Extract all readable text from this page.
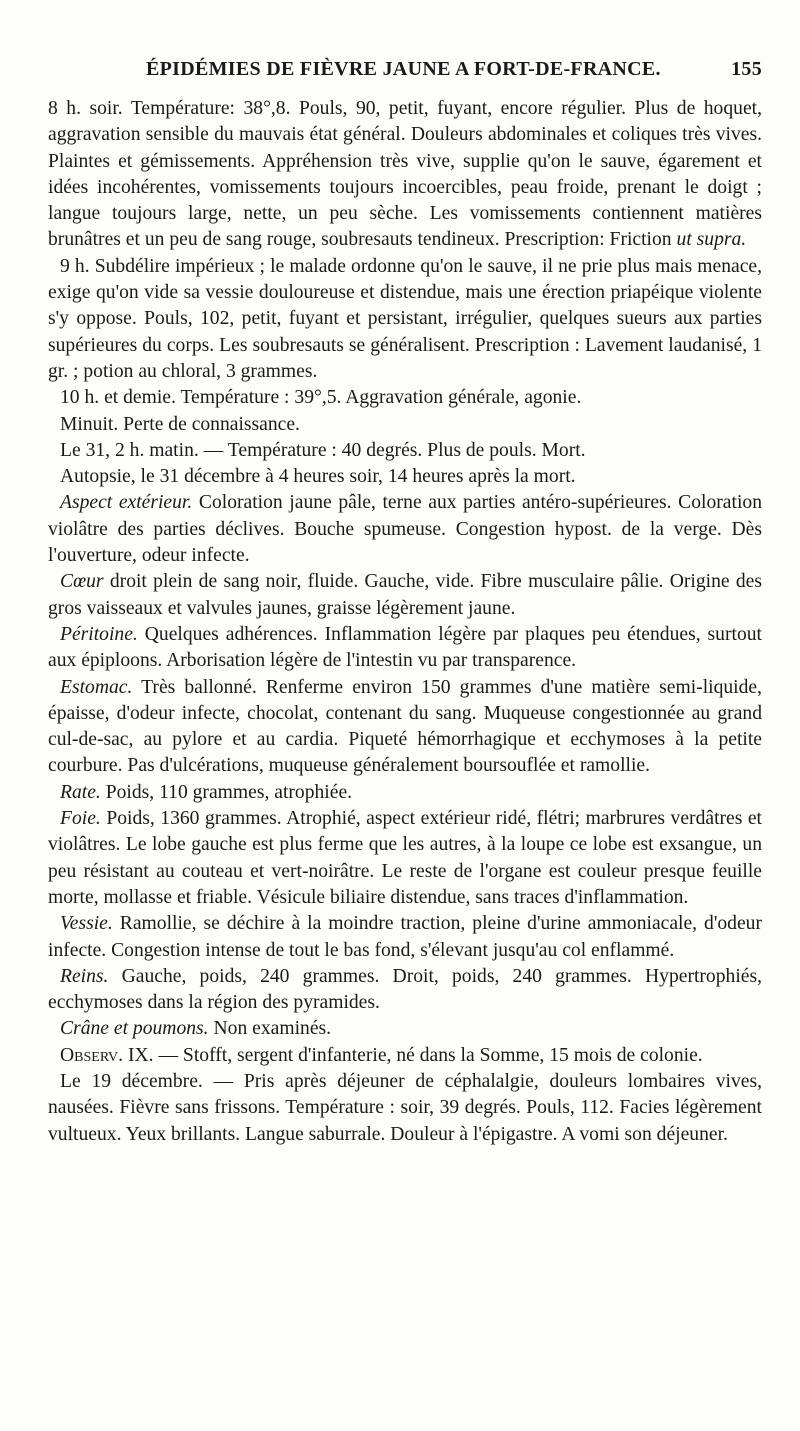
ÉPIDÉMIES DE FIÈVRE JAUNE A FORT-DE-FRANCE.	155

8 h. soir. Température: 38°,8. Pouls, 90, petit, fuyant, encore régulier. Plus de hoquet, aggravation sensible du mauvais état général. Douleurs abdominales et coliques très vives. Plaintes et gémissements. Appréhension très vive, supplie qu'on le sauve, égarement et idées incohérentes, vomissements toujours incoercibles, peau froide, prenant le doigt ; langue toujours large, nette, un peu sèche. Les vomissements contiennent matières brunâtres et un peu de sang rouge, soubresauts tendineux. Prescription: Friction ut supra.

9 h. Subdélire impérieux ; le malade ordonne qu'on le sauve, il ne prie plus mais menace, exige qu'on vide sa vessie douloureuse et distendue, mais une érection priapéique violente s'y oppose. Pouls, 102, petit, fuyant et persistant, irrégulier, quelques sueurs aux parties supérieures du corps. Les soubresauts se généralisent. Prescription : Lavement laudanisé, 1 gr. ; potion au chloral, 3 grammes.

10 h. et demie. Température : 39°,5. Aggravation générale, agonie.

Minuit. Perte de connaissance.

Le 31, 2 h. matin. — Température : 40 degrés. Plus de pouls. Mort.

Autopsie, le 31 décembre à 4 heures soir, 14 heures après la mort.

Aspect extérieur. Coloration jaune pâle, terne aux parties antéro-supérieures. Coloration violâtre des parties déclives. Bouche spumeuse. Congestion hypost. de la verge. Dès l'ouverture, odeur infecte.

Cœur droit plein de sang noir, fluide. Gauche, vide. Fibre musculaire pâlie. Origine des gros vaisseaux et valvules jaunes, graisse légèrement jaune.

Péritoine. Quelques adhérences. Inflammation légère par plaques peu étendues, surtout aux épiploons. Arborisation légère de l'intestin vu par transparence.

Estomac. Très ballonné. Renferme environ 150 grammes d'une matière semi-liquide, épaisse, d'odeur infecte, chocolat, contenant du sang. Muqueuse congestionnée au grand cul-de-sac, au pylore et au cardia. Piqueté hémorrhagique et ecchymoses à la petite courbure. Pas d'ulcérations, muqueuse généralement boursouflée et ramollie.

Rate. Poids, 110 grammes, atrophiée.

Foie. Poids, 1360 grammes. Atrophié, aspect extérieur ridé, flétri; marbrures verdâtres et violâtres. Le lobe gauche est plus ferme que les autres, à la loupe ce lobe est exsangue, un peu résistant au couteau et vert-noirâtre. Le reste de l'organe est couleur presque feuille morte, mollasse et friable. Vésicule biliaire distendue, sans traces d'inflammation.

Vessie. Ramollie, se déchire à la moindre traction, pleine d'urine ammoniacale, d'odeur infecte. Congestion intense de tout le bas fond, s'élevant jusqu'au col enflammé.

Reins. Gauche, poids, 240 grammes. Droit, poids, 240 grammes. Hypertrophiés, ecchymoses dans la région des pyramides.

Crâne et poumons. Non examinés.

Observ. IX. — Stofft, sergent d'infanterie, né dans la Somme, 15 mois de colonie.

Le 19 décembre. — Pris après déjeuner de céphalalgie, douleurs lombaires vives, nausées. Fièvre sans frissons. Température : soir, 39 degrés. Pouls, 112. Facies légèrement vultueux. Yeux brillants. Langue saburrale. Douleur à l'épigastre. A vomi son déjeuner.
